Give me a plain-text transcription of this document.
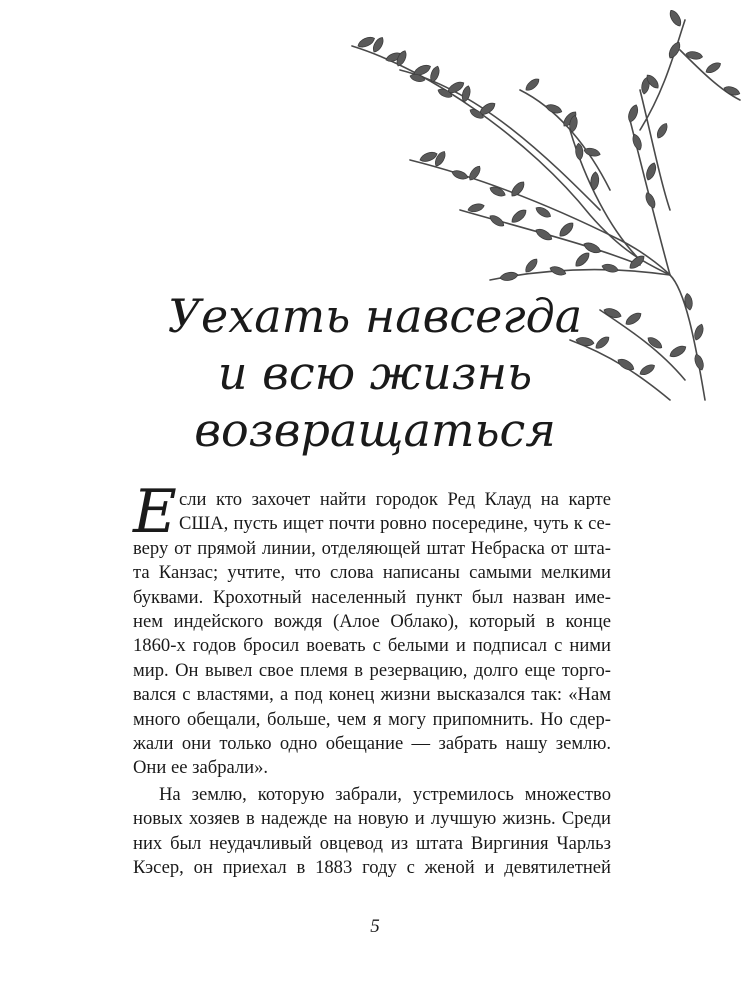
Уехать навсегда
и всю жизнь
возвращаться
Е сли кто захочет найти городок Ред Клауд на карте
США, пусть ищет почти ровно посередине, чуть к се-
веру от прямой линии, отделяющей штат Небраска от шта-
та Канзас; учтите, что слова написаны самыми мелкими
буквами. Крохотный населенный пункт был назван име-
нем индейского вождя (Алое Облако), который в конце
1860-х годов бросил воевать с белыми и подписал с ними
мир. Он вывел свое племя в резервацию, долго еще торго-
вался с властями, а под конец жизни высказался так: «Нам
много обещали, больше, чем я могу припомнить. Но сдер-
жали они только одно обещание — забрать нашу землю.
Они ее забрали».
На землю, которую забрали, устремилось множество
новых хозяев в надежде на новую и лучшую жизнь. Среди
них был неудачливый овцевод из штата Виргиния Чарльз
Кэсер, он приехал в 1883 году с женой и девятилетней
5
